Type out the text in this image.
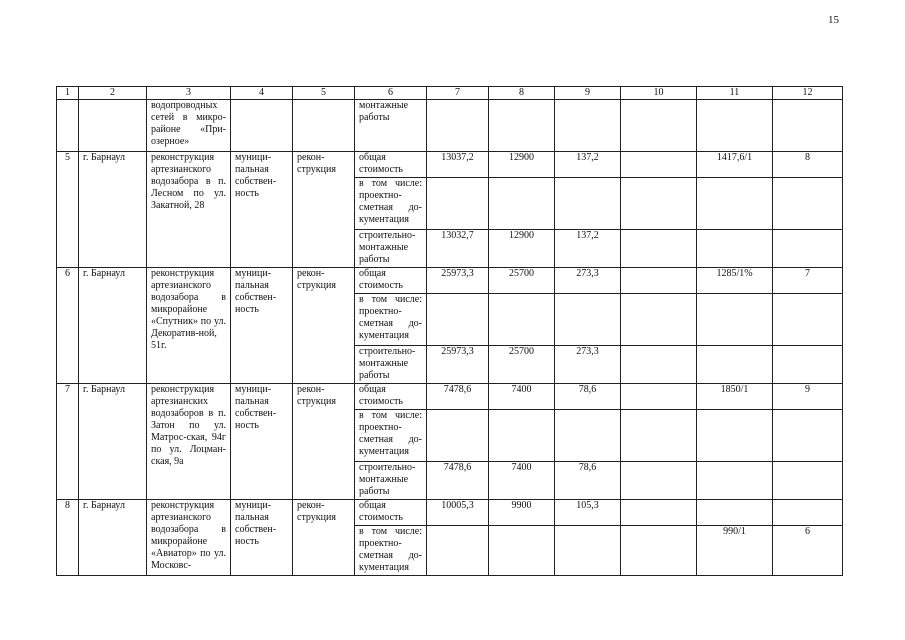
15
1	2	3	4	5	6	7	8	9	10	11	12
		водопроводных сетей в микро-районе «При-озерное»			монтажные работы						
5	г. Барнаул	реконструкция артезианского водозабора в п. Лесном по ул. Закатной, 28	муници-пальная собствен-ность	рекон-струкция	общая стоимость	13037,2	12900	137,2		1417,6/1	8
					в том числе: проектно-сметная до-кументация						
					строительно-монтажные работы	13032,7	12900	137,2			
6	г. Барнаул	реконструкция артезианского водозабора в микрорайоне «Спутник» по ул. Декоратив-ной, 51г.	муници-пальная собствен-ность	рекон-струкция	общая стоимость	25973,3	25700	273,3		1285/1%	7
					в том числе: проектно-сметная до-кументация						
					строительно-монтажные работы	25973,3	25700	273,3			
7	г. Барнаул	реконструкция артезианских водозаборов в п. Затон по ул. Матрос-ская, 94г по ул. Лоцман-ская, 9а	муници-пальная собствен-ность	рекон-струкция	общая стоимость	7478,6	7400	78,6		1850/1	9
					в том числе: проектно-сметная до-кументация						
					строительно-монтажные работы	7478,6	7400	78,6			
8	г. Барнаул	реконструкция артезианского водозабора в микрорайоне «Авиатор» по ул. Московс-	муници-пальная собствен-ность	рекон-струкция	общая стоимость	10005,3	9900	105,3			
					в том числе: проектно-сметная до-кументация					990/1	6
